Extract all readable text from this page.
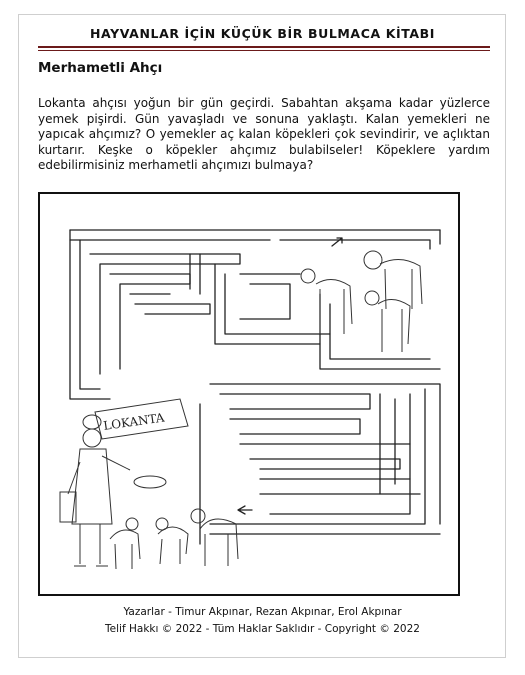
HAYVANLAR İÇİN KÜÇÜK BİR BULMACA KİTABI
Merhametli Ahçı
Lokanta ahçısı yoğun bir gün geçirdi. Sabahtan akşama kadar yüzlerce yemek pişirdi. Gün yavaşladı ve sonuna yaklaştı. Kalan yemekleri ne yapıcak ahçımız? O yemekler aç kalan köpekleri çok sevindirir, ve açlıktan kurtarır. Keşke o köpekler ahçımız bulabilseler! Köpeklere yardım edebilirmisiniz merhametli ahçımızı bulmaya?
LOKANTA
Yazarlar - Timur Akpınar, Rezan Akpınar, Erol Akpınar
Telif Hakkı © 2022 - Tüm Haklar Saklıdır - Copyright © 2022
